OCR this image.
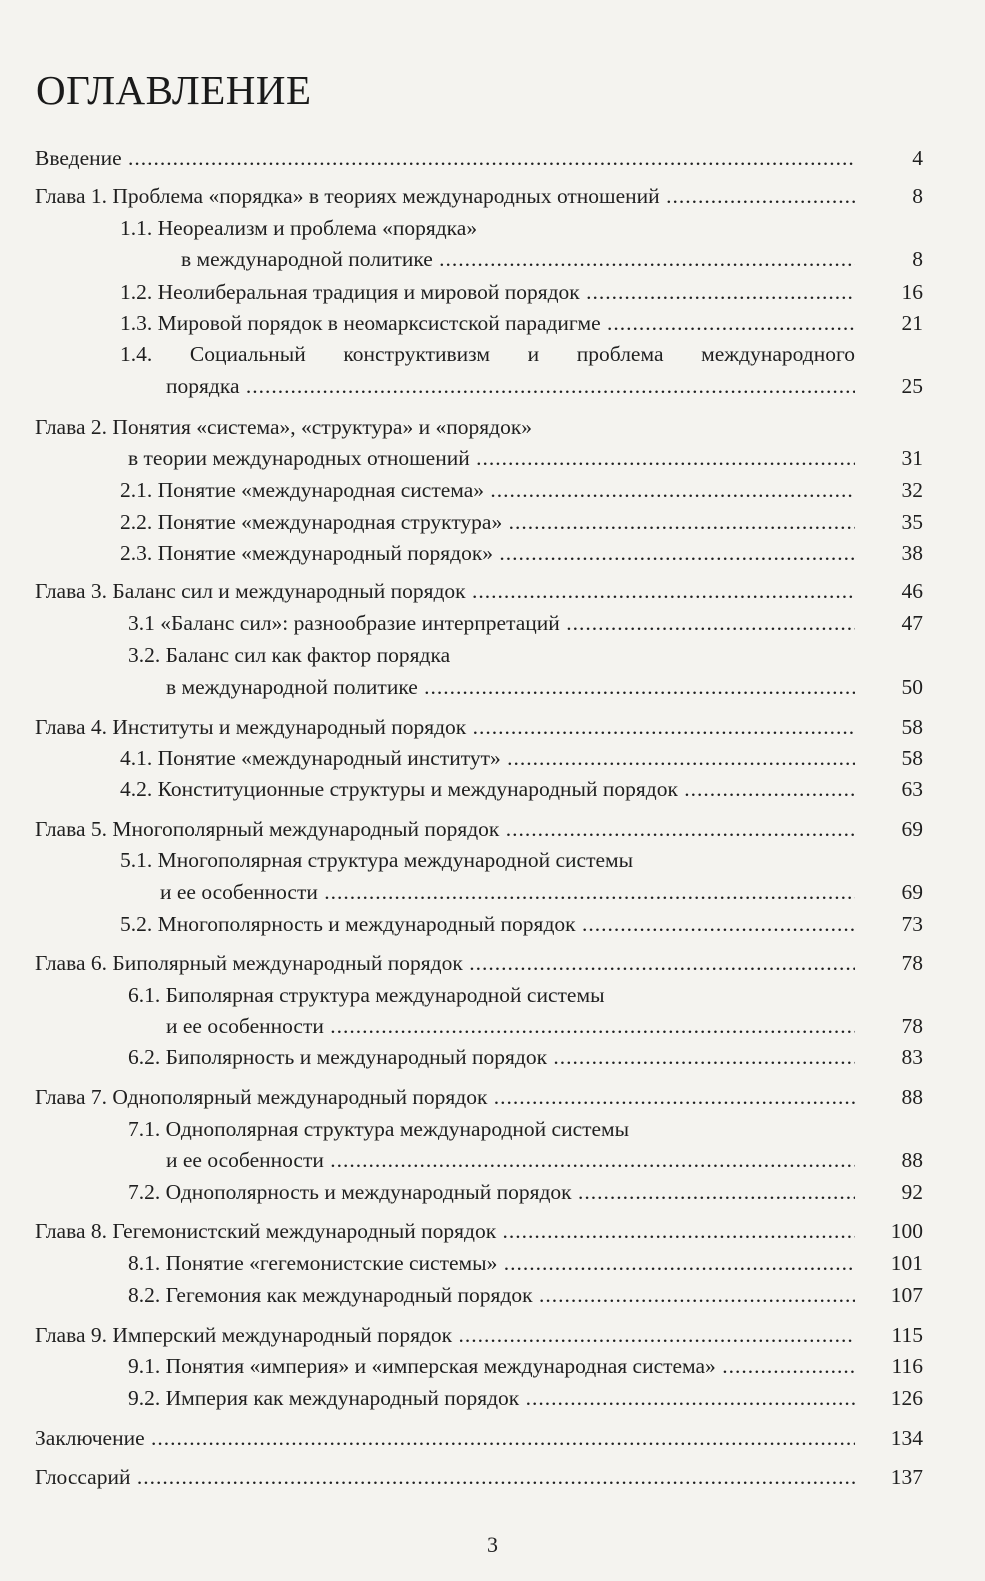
ОГЛАВЛЕНИЕ
Введение .....	4
Глава 1. Проблема «порядка» в теориях международных отношений .....	8
1.1. Неореализм и проблема «порядка»
в международной политике .....	8
1.2. Неолиберальная традиция и мировой порядок .....	16
1.3. Мировой порядок в неомарксистской парадигме .....	21
1.4. Социальный конструктивизм и проблема международного
порядка .....	25
Глава 2. Понятия «система», «структура» и «порядок»
в теории международных отношений .....	31
2.1. Понятие «международная система» .....	32
2.2. Понятие «международная структура» .....	35
2.3. Понятие «международный порядок» .....	38
Глава 3. Баланс сил и международный порядок .....	46
3.1 «Баланс сил»: разнообразие интерпретаций .....	47
3.2. Баланс сил как фактор порядка
в международной политике .....	50
Глава 4. Институты и международный порядок .....	58
4.1. Понятие «международный институт» .....	58
4.2. Конституционные структуры и международный порядок .....	63
Глава 5. Многополярный международный порядок .....	69
5.1. Многополярная структура международной системы
и ее особенности .....	69
5.2. Многополярность и международный порядок .....	73
Глава 6. Биполярный международный порядок .....	78
6.1. Биполярная структура международной системы
и ее особенности .....	78
6.2. Биполярность и международный порядок .....	83
Глава 7. Однополярный международный порядок .....	88
7.1. Однополярная структура международной системы
и ее особенности .....	88
7.2. Однополярность и международный порядок .....	92
Глава 8. Гегемонистский международный порядок .....	100
8.1. Понятие «гегемонистские системы» .....	101
8.2. Гегемония как международный порядок .....	107
Глава 9. Имперский международный порядок .....	115
9.1. Понятия «империя» и «имперская международная система» .....	116
9.2. Империя как международный порядок .....	126
Заключение .....	134
Глоссарий .....	137
3
